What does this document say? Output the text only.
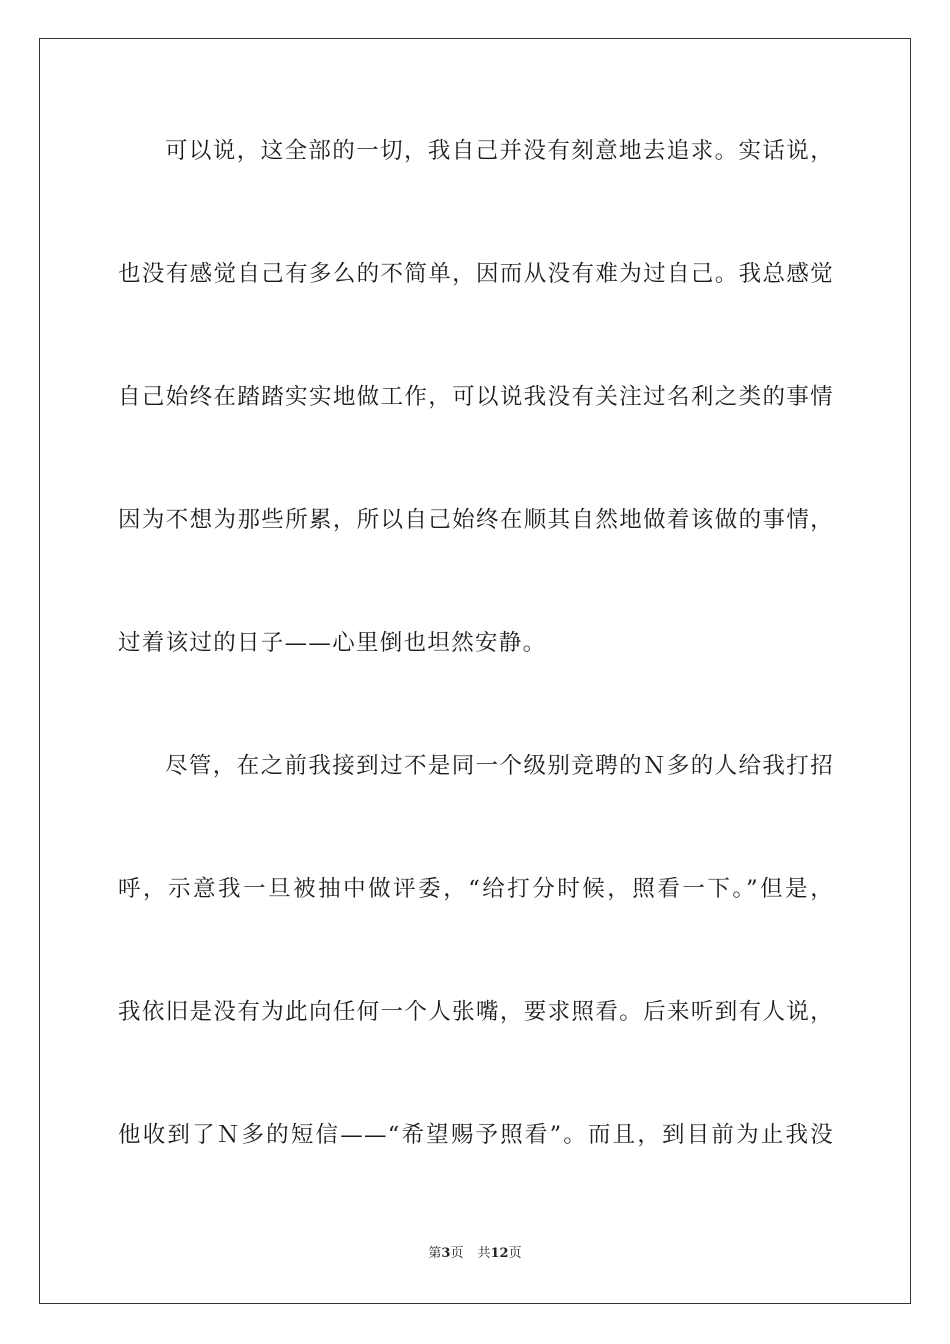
可以说，这全部的一切，我自己并没有刻意地去追求。实话说，
也没有感觉自己有多么的不简单，因而从没有难为过自己。我总感觉
自己始终在踏踏实实地做工作，可以说我没有关注过名利之类的事情
因为不想为那些所累，所以自己始终在顺其自然地做着该做的事情，
过着该过的日子——心里倒也坦然安静。
尽管，在之前我接到过不是同一个级别竞聘的Ｎ多的人给我打招
呼，示意我一旦被抽中做评委，“给打分时候，照看一下。”但是，
我依旧是没有为此向任何一个人张嘴，要求照看。后来听到有人说，
他收到了Ｎ多的短信——“希望赐予照看”。而且，到目前为止我没
第3页 共12页
